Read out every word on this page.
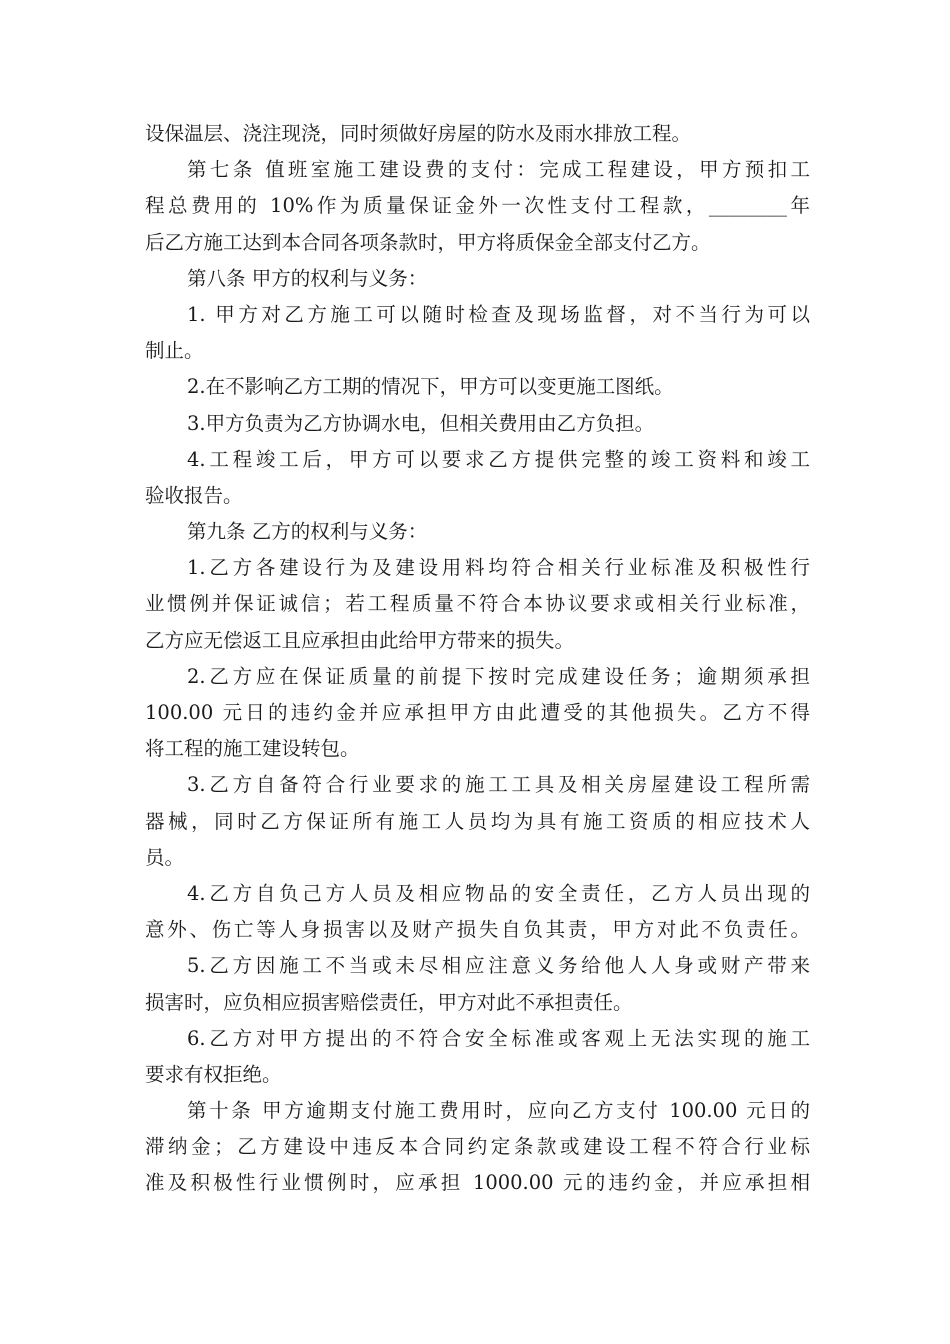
设保温层、浇注现浇，同时须做好房屋的防水及雨水排放工程。
第七条 值班室施工建设费的支付：完成工程建设，甲方预扣工
程总费用的 10%作为质量保证金外一次性支付工程款，________年
后乙方施工达到本合同各项条款时，甲方将质保金全部支付乙方。
第八条 甲方的权利与义务：
1. 甲方对乙方施工可以随时检查及现场监督，对不当行为可以
制止。
2.在不影响乙方工期的情况下，甲方可以变更施工图纸。
3.甲方负责为乙方协调水电，但相关费用由乙方负担。
4.工程竣工后，甲方可以要求乙方提供完整的竣工资料和竣工
验收报告。
第九条 乙方的权利与义务：
1.乙方各建设行为及建设用料均符合相关行业标准及积极性行
业惯例并保证诚信；若工程质量不符合本协议要求或相关行业标准，
乙方应无偿返工且应承担由此给甲方带来的损失。
2.乙方应在保证质量的前提下按时完成建设任务；逾期须承担
100.00 元日的违约金并应承担甲方由此遭受的其他损失。乙方不得
将工程的施工建设转包。
3.乙方自备符合行业要求的施工工具及相关房屋建设工程所需
器械，同时乙方保证所有施工人员均为具有施工资质的相应技术人
员。
4.乙方自负己方人员及相应物品的安全责任，乙方人员出现的
意外、伤亡等人身损害以及财产损失自负其责，甲方对此不负责任。
5.乙方因施工不当或未尽相应注意义务给他人人身或财产带来
损害时，应负相应损害赔偿责任，甲方对此不承担责任。
6.乙方对甲方提出的不符合安全标准或客观上无法实现的施工
要求有权拒绝。
第十条 甲方逾期支付施工费用时，应向乙方支付 100.00 元日的
滞纳金；乙方建设中违反本合同约定条款或建设工程不符合行业标
准及积极性行业惯例时，应承担 1000.00 元的违约金，并应承担相
